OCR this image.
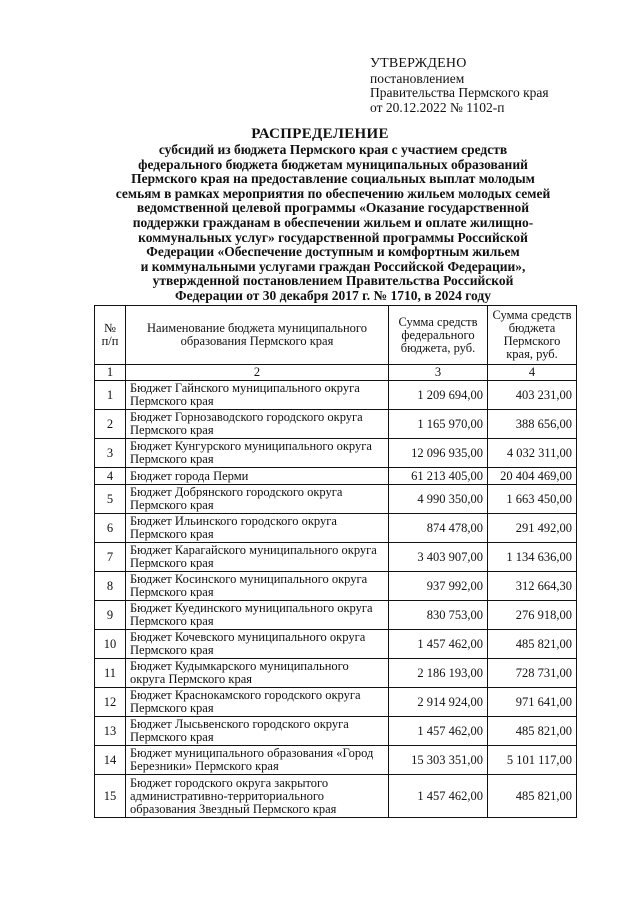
УТВЕРЖДЕНО
постановлением
Правительства Пермского края
от 20.12.2022 № 1102-п
РАСПРЕДЕЛЕНИЕ
субсидий из бюджета Пермского края с участием средств
федерального бюджета бюджетам муниципальных образований
Пермского края на предоставление социальных выплат молодым
семьям в рамках мероприятия по обеспечению жильем молодых семей
ведомственной целевой программы «Оказание государственной
поддержки гражданам в обеспечении жильем и оплате жилищно-
коммунальных услуг» государственной программы Российской
Федерации «Обеспечение доступным и комфортным жильем
и коммунальными услугами граждан Российской Федерации»,
утвержденной постановлением Правительства Российской
Федерации от 30 декабря 2017 г. № 1710, в 2024 году
№ п/п	Наименование бюджета муниципального образования Пермского края	Сумма средств федерального бюджета, руб.	Сумма средств бюджета Пермского края, руб.
1	2	3	4
1	Бюджет Гайнского муниципального округа Пермского края	1 209 694,00	403 231,00
2	Бюджет Горнозаводского городского округа Пермского края	1 165 970,00	388 656,00
3	Бюджет Кунгурского муниципального округа Пермского края	12 096 935,00	4 032 311,00
4	Бюджет города Перми	61 213 405,00	20 404 469,00
5	Бюджет Добрянского городского округа Пермского края	4 990 350,00	1 663 450,00
6	Бюджет Ильинского городского округа Пермского края	874 478,00	291 492,00
7	Бюджет Карагайского муниципального округа Пермского края	3 403 907,00	1 134 636,00
8	Бюджет Косинского муниципального округа Пермского края	937 992,00	312 664,30
9	Бюджет Куединского муниципального округа Пермского края	830 753,00	276 918,00
10	Бюджет Кочевского муниципального округа Пермского края	1 457 462,00	485 821,00
11	Бюджет Кудымкарского муниципального округа Пермского края	2 186 193,00	728 731,00
12	Бюджет Краснокамского городского округа Пермского края	2 914 924,00	971 641,00
13	Бюджет Лысьвенского городского округа Пермского края	1 457 462,00	485 821,00
14	Бюджет муниципального образования «Город Березники» Пермского края	15 303 351,00	5 101 117,00
15	Бюджет городского округа закрытого административно-территориального образования Звездный Пермского края	1 457 462,00	485 821,00
